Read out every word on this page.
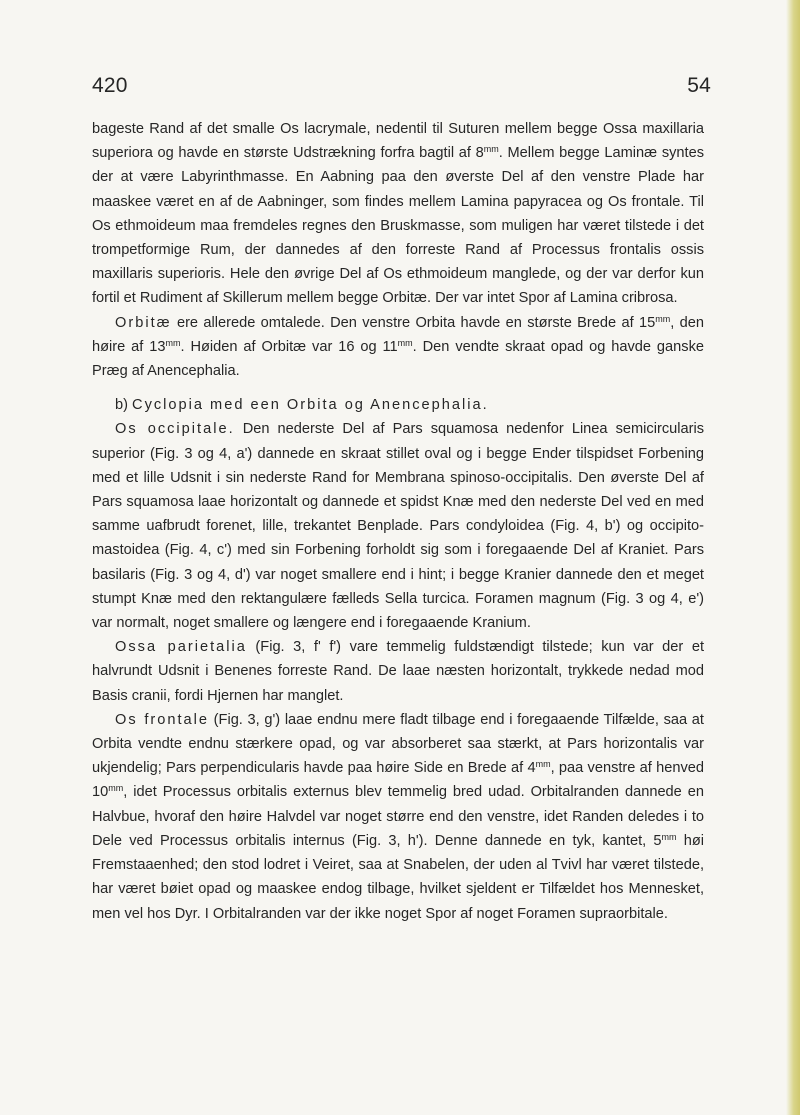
420	54

bageste Rand af det smalle Os lacrymale, nedentil til Suturen mellem begge Ossa maxillaria superiora og havde en største Udstrækning forfra bagtil af $8^{mm}$. Mellem begge Laminæ syntes der at være Labyrinthmasse. En Aabning paa den øverste Del af den venstre Plade har maaskee været en af de Aabninger, som findes mellem Lamina papyracea og Os frontale. Til Os ethmoideum maa fremdeles regnes den Bruskmasse, som muligen har været tilstede i det trompetformige Rum, der dannedes af den forreste Rand af Processus frontalis ossis maxillaris superioris. Hele den øvrige Del af Os ethmoideum manglede, og der var derfor kun fortil et Rudiment af Skillerum mellem begge Orbitæ. Der var intet Spor af Lamina cribrosa.

Orbitæ ere allerede omtalede. Den venstre Orbita havde en største Brede af $15^{mm}$, den høire af $13^{mm}$. Høiden af Orbitæ var 16 og $11^{mm}$. Den vendte skraat opad og havde ganske Præg af Anencephalia.

b) Cyclopia med een Orbita og Anencephalia.

Os occipitale. Den nederste Del af Pars squamosa nedenfor Linea semicircularis superior (Fig. 3 og 4, a') dannede en skraat stillet oval og i begge Ender tilspidset Forbening med et lille Udsnit i sin nederste Rand for Membrana spinoso-occipitalis. Den øverste Del af Pars squamosa laae horizontalt og dannede et spidst Knæ med den nederste Del ved en med samme uafbrudt forenet, lille, trekantet Benplade. Pars condyloidea (Fig. 4, b') og occipito-mastoidea (Fig. 4, c') med sin Forbening forholdt sig som i foregaaende Del af Kraniet. Pars basilaris (Fig. 3 og 4, d') var noget smallere end i hint; i begge Kranier dannede den et meget stumpt Knæ med den rektangulære fælleds Sella turcica. Foramen magnum (Fig. 3 og 4, e') var normalt, noget smallere og længere end i foregaaende Kranium.

Ossa parietalia (Fig. 3, f' f') vare temmelig fuldstændigt tilstede; kun var der et halvrundt Udsnit i Benenes forreste Rand. De laae næsten horizontalt, trykkede nedad mod Basis cranii, fordi Hjernen har manglet.

Os frontale (Fig. 3, g') laae endnu mere fladt tilbage end i foregaaende Tilfælde, saa at Orbita vendte endnu stærkere opad, og var absorberet saa stærkt, at Pars horizontalis var ukjendelig; Pars perpendicularis havde paa høire Side en Brede af $4^{mm}$, paa venstre af henved $10^{mm}$, idet Processus orbitalis externus blev temmelig bred udad. Orbitalranden dannede en Halvbue, hvoraf den høire Halvdel var noget større end den venstre, idet Randen deledes i to Dele ved Processus orbitalis internus (Fig. 3, h'). Denne dannede en tyk, kantet, $5^{mm}$ høi Fremstaaenhed; den stod lodret i Veiret, saa at Snabelen, der uden al Tvivl har været tilstede, har været bøiet opad og maaskee endog tilbage, hvilket sjeldent er Tilfældet hos Mennesket, men vel hos Dyr. I Orbitalranden var der ikke noget Spor af noget Foramen supraorbitale.
